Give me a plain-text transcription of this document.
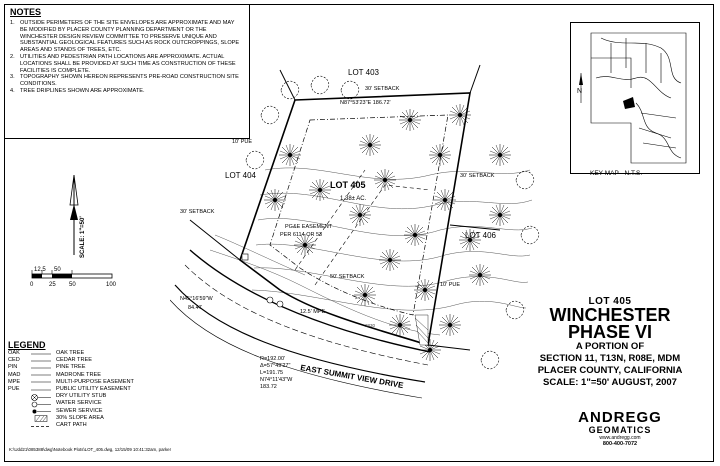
NOTES

1. OUTSIDE PERIMETERS OF THE SITE ENVELOPES ARE APPROXIMATE AND MAY BE MODIFIED BY PLACER COUNTY PLANNING DEPARTMENT OR THE WINCHESTER DESIGN REVIEW COMMITTEE TO PRESERVE UNIQUE AND SUBSTANTIAL GEOLOGICAL FEATURES SUCH AS ROCK OUTCROPPINGS, SLOPE AREAS AND STANDS OF TREES, ETC.

2. UTILITIES AND PEDESTRIAN PATH LOCATIONS ARE APPROXIMATE. ACTUAL LOCATIONS SHALL BE PROVIDED AT SUCH TIME AS CONSTRUCTION OF THESE FACILITIES IS COMPLETE.

3. TOPOGRAPHY SHOWN HEREON REPRESENTS PRE-ROAD CONSTRUCTION SITE CONDITIONS.

4. TREE DRIPLINES SHOWN ARE APPROXIMATE.

SCALE: 1"=50'
12.5 50
0	25 50	100
LOT 403
LOT 404
LOT 405
LOT 406
1.38± AC.
N87°53'23"E 186.72'
30' SETBACK
30' SETBACK
30' SETBACK
50' SETBACK
10' PUE
10' PUE
PG&E EASEMENT
PER 6114 OR 53
N45°16'59"W
84.47
12.5' MPE
2830
R=192.00'
Δ=57°49'27"
L=191.75
N74°11'43"W
183.72	EAST SUMMIT VIEW DRIVE
N
KEY MAP - N.T.S.
LEGEND
OAK	OAK TREE
CED	CEDAR TREE
PIN	PINE TREE
MAD	MADRONE TREE
MPE	MULTI-PURPOSE EASEMENT
PUE	PUBLIC UTILITY EASEMENT
DRY UTILITY STUB
WATER SERVICE
SEWER SERVICE
30% SLOPE AREA
CART PATH
K:\Udd21\085388\dwg\Notebook Plots\LOT_405.dwg, 12/15/09 10:41:32am, parker
LOT 405
WINCHESTER
PHASE VI
A PORTION OF
SECTION 11, T13N, R08E, MDM
PLACER COUNTY, CALIFORNIA
SCALE: 1"=50' AUGUST, 2007
ANDREGG
GEOMATICS
www.andregg.com
800-400-7072
